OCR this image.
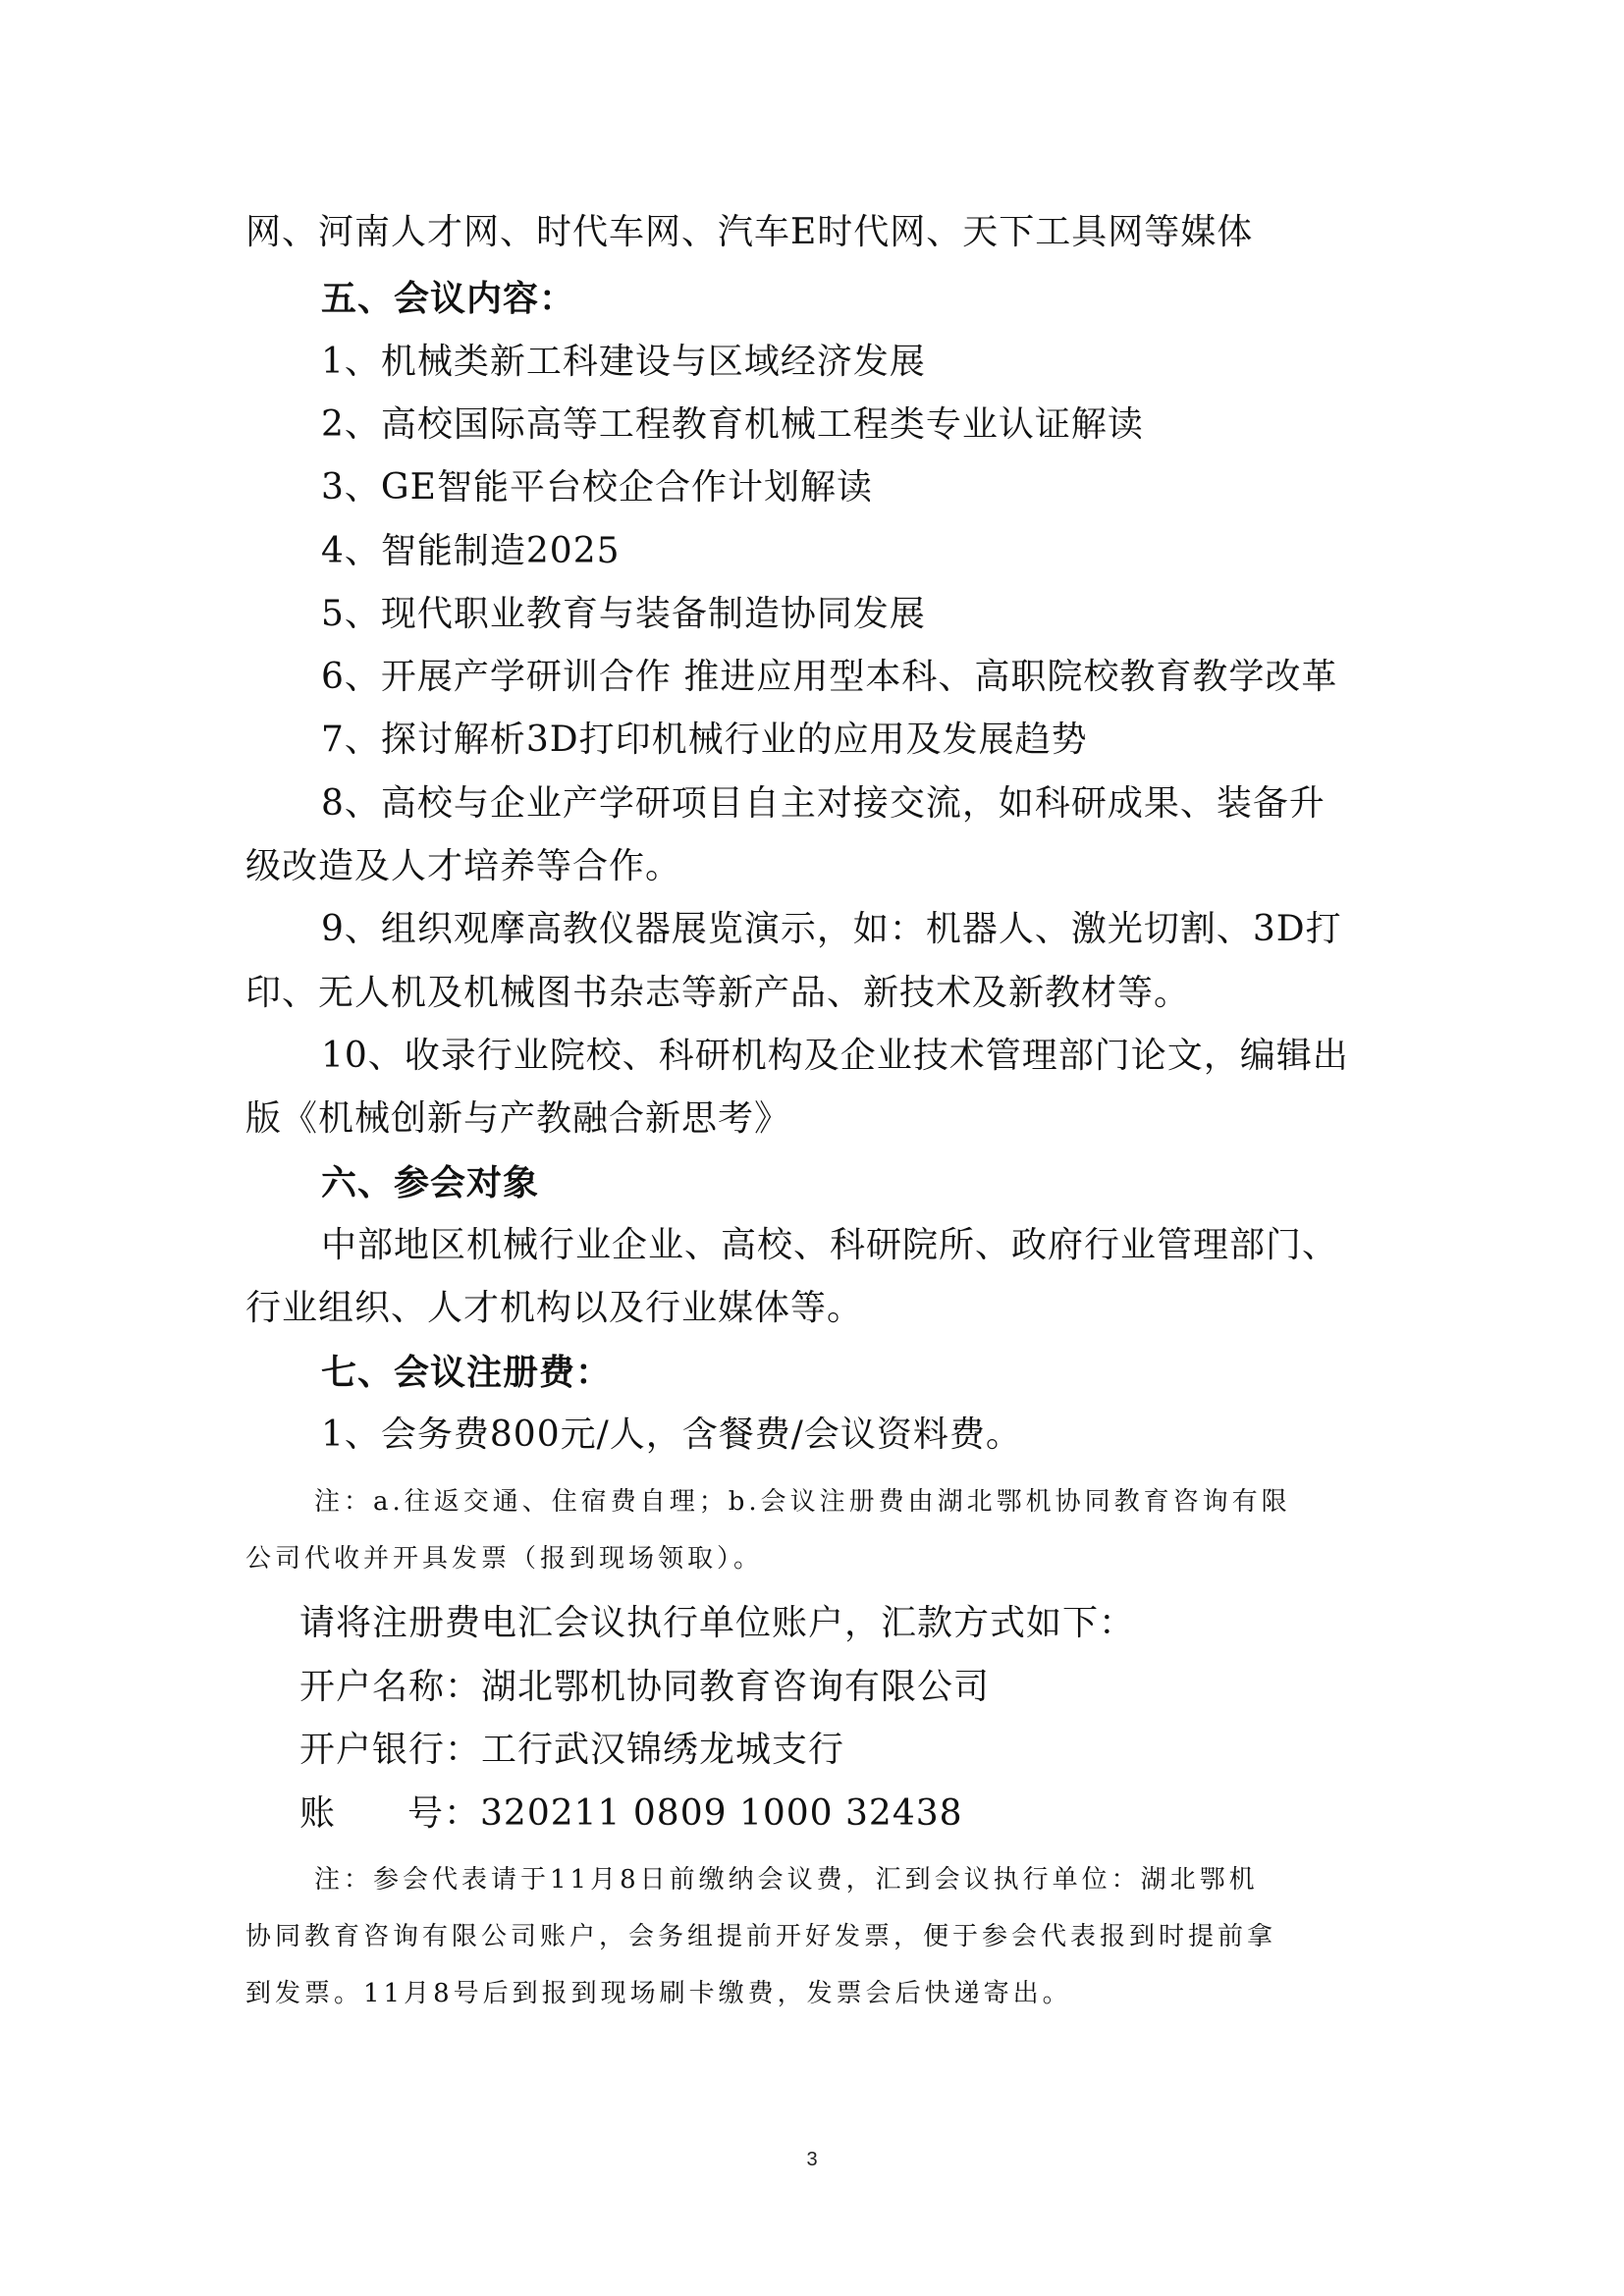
网、河南人才网、时代车网、汽车E时代网、天下工具网等媒体
五、会议内容：
1、机械类新工科建设与区域经济发展
2、高校国际高等工程教育机械工程类专业认证解读
3、GE智能平台校企合作计划解读
4、智能制造2025
5、现代职业教育与装备制造协同发展
6、开展产学研训合作 推进应用型本科、高职院校教育教学改革
7、探讨解析3D打印机械行业的应用及发展趋势
8、高校与企业产学研项目自主对接交流，如科研成果、装备升
级改造及人才培养等合作。
9、组织观摩高教仪器展览演示，如：机器人、激光切割、3D打
印、无人机及机械图书杂志等新产品、新技术及新教材等。
10、收录行业院校、科研机构及企业技术管理部门论文，编辑出
版《机械创新与产教融合新思考》
六、参会对象
中部地区机械行业企业、高校、科研院所、政府行业管理部门、
行业组织、人才机构以及行业媒体等。
七、会议注册费：
1、会务费800元/人，含餐费/会议资料费。
注：a.往返交通、住宿费自理；b.会议注册费由湖北鄂机协同教育咨询有限
公司代收并开具发票（报到现场领取）。
请将注册费电汇会议执行单位账户，汇款方式如下：
开户名称：湖北鄂机协同教育咨询有限公司
开户银行：工行武汉锦绣龙城支行
账 号：320211 0809 1000 32438
注：参会代表请于11月8日前缴纳会议费，汇到会议执行单位：湖北鄂机
协同教育咨询有限公司账户，会务组提前开好发票，便于参会代表报到时提前拿
到发票。11月8号后到报到现场刷卡缴费，发票会后快递寄出。
3
